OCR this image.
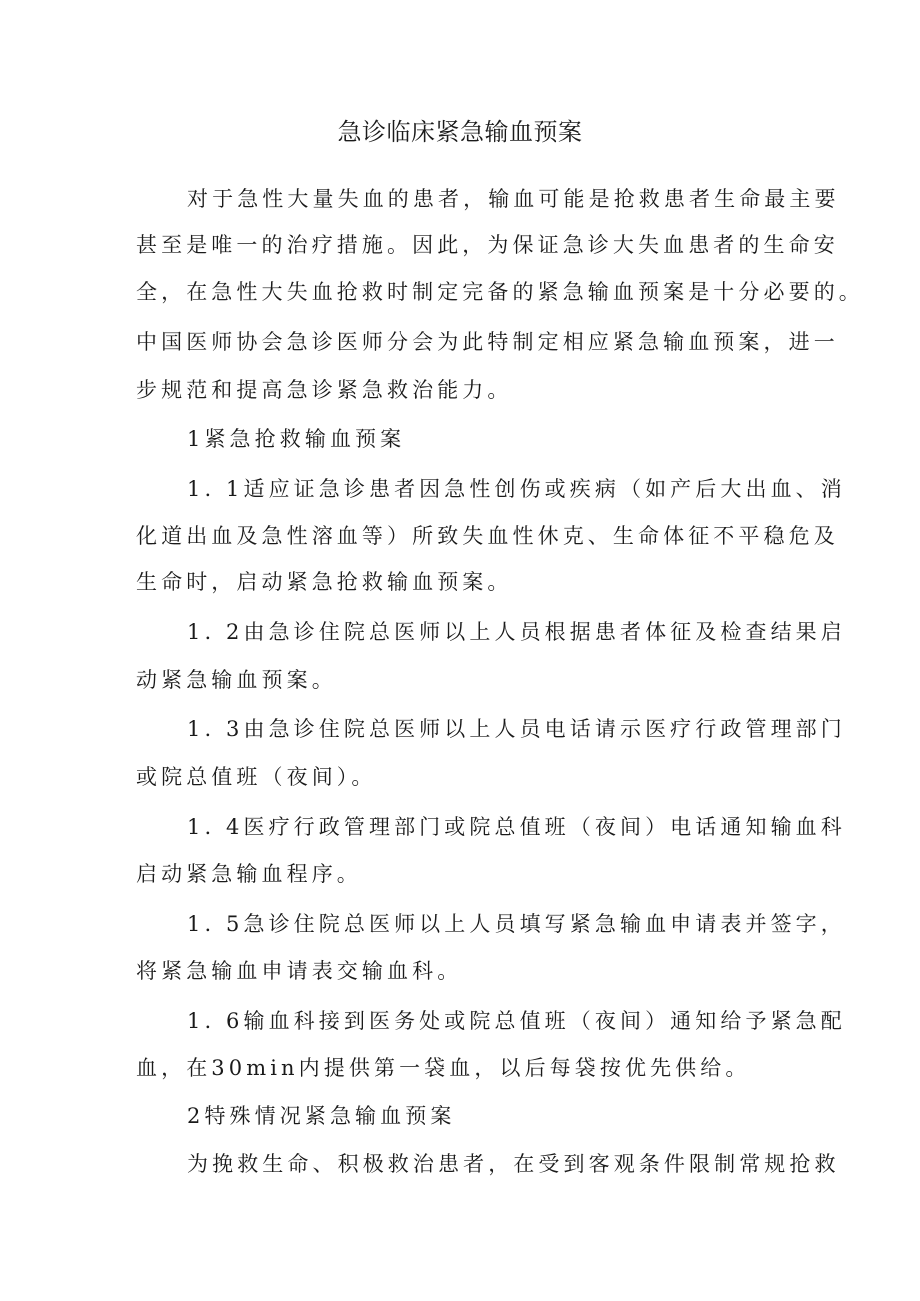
急诊临床紧急输血预案
对于急性大量失血的患者，输血可能是抢救患者生命最主要
甚至是唯一的治疗措施。因此，为保证急诊大失血患者的生命安
全，在急性大失血抢救时制定完备的紧急输血预案是十分必要的。
中国医师协会急诊医师分会为此特制定相应紧急输血预案，进一
步规范和提高急诊紧急救治能力。
1紧急抢救输血预案
1. 1适应证急诊患者因急性创伤或疾病（如产后大出血、消
化道出血及急性溶血等）所致失血性休克、生命体征不平稳危及
生命时，启动紧急抢救输血预案。
1. 2由急诊住院总医师以上人员根据患者体征及检查结果启
动紧急输血预案。
1. 3由急诊住院总医师以上人员电话请示医疗行政管理部门
或院总值班（夜间）。
1. 4医疗行政管理部门或院总值班（夜间）电话通知输血科
启动紧急输血程序。
1. 5急诊住院总医师以上人员填写紧急输血申请表并签字，
将紧急输血申请表交输血科。
1. 6输血科接到医务处或院总值班（夜间）通知给予紧急配
血，在30min内提供第一袋血，以后每袋按优先供给。
2特殊情况紧急输血预案
为挽救生命、积极救治患者，在受到客观条件限制常规抢救
